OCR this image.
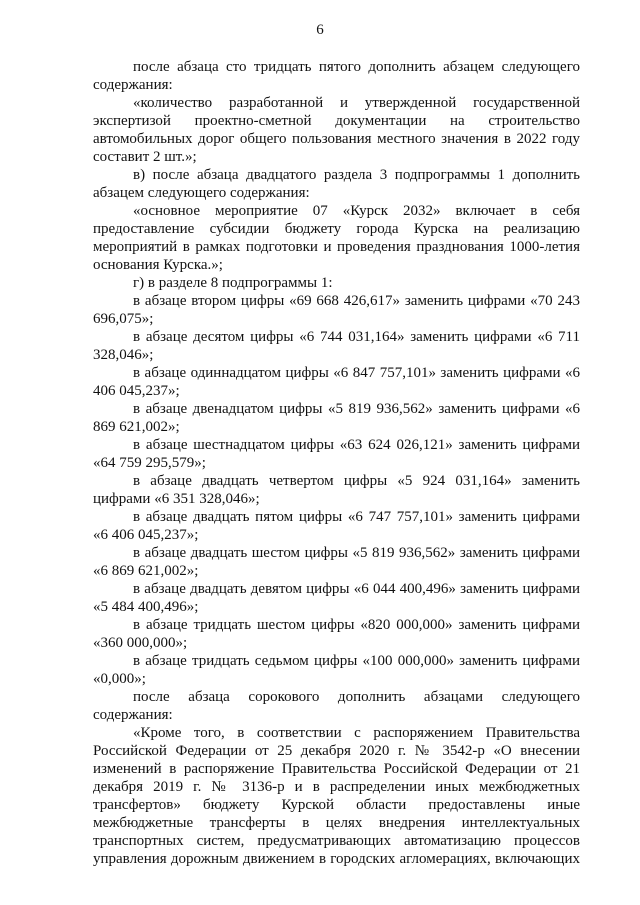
6

после абзаца сто тридцать пятого дополнить абзацем следующего содержания:

«количество разработанной и утвержденной государственной экспертизой проектно-сметной документации на строительство автомобильных дорог общего пользования местного значения в 2022 году составит 2 шт.»;

в) после абзаца двадцатого раздела 3 подпрограммы 1 дополнить абзацем следующего содержания:

«основное мероприятие 07 «Курск 2032» включает в себя предоставление субсидии бюджету города Курска на реализацию мероприятий в рамках подготовки и проведения празднования 1000-летия основания Курска.»;

г) в разделе 8 подпрограммы 1:

в абзаце втором цифры «69 668 426,617» заменить цифрами «70 243 696,075»;

в абзаце десятом цифры «6 744 031,164» заменить цифрами «6 711 328,046»;

в абзаце одиннадцатом цифры «6 847 757,101» заменить цифрами «6 406 045,237»;

в абзаце двенадцатом цифры «5 819 936,562» заменить цифрами «6 869 621,002»;

в абзаце шестнадцатом цифры «63 624 026,121» заменить цифрами «64 759 295,579»;

в абзаце двадцать четвертом цифры «5 924 031,164» заменить цифрами «6 351 328,046»;

в абзаце двадцать пятом цифры «6 747 757,101» заменить цифрами «6 406 045,237»;

в абзаце двадцать шестом цифры «5 819 936,562» заменить цифрами «6 869 621,002»;

в абзаце двадцать девятом цифры «6 044 400,496» заменить цифрами «5 484 400,496»;

в абзаце тридцать шестом цифры «820 000,000» заменить цифрами «360 000,000»;

в абзаце тридцать седьмом цифры «100 000,000» заменить цифрами «0,000»;

после абзаца сорокового дополнить абзацами следующего содержания:

«Кроме того, в соответствии с распоряжением Правительства Российской Федерации от 25 декабря 2020 г. № 3542-р «О внесении изменений в распоряжение Правительства Российской Федерации от 21 декабря 2019 г. № 3136-р и в распределении иных межбюджетных трансфертов» бюджету Курской области предоставлены иные межбюджетные трансферты в целях внедрения интеллектуальных транспортных систем, предусматривающих автоматизацию процессов управления дорожным движением в городских агломерациях, включающих
